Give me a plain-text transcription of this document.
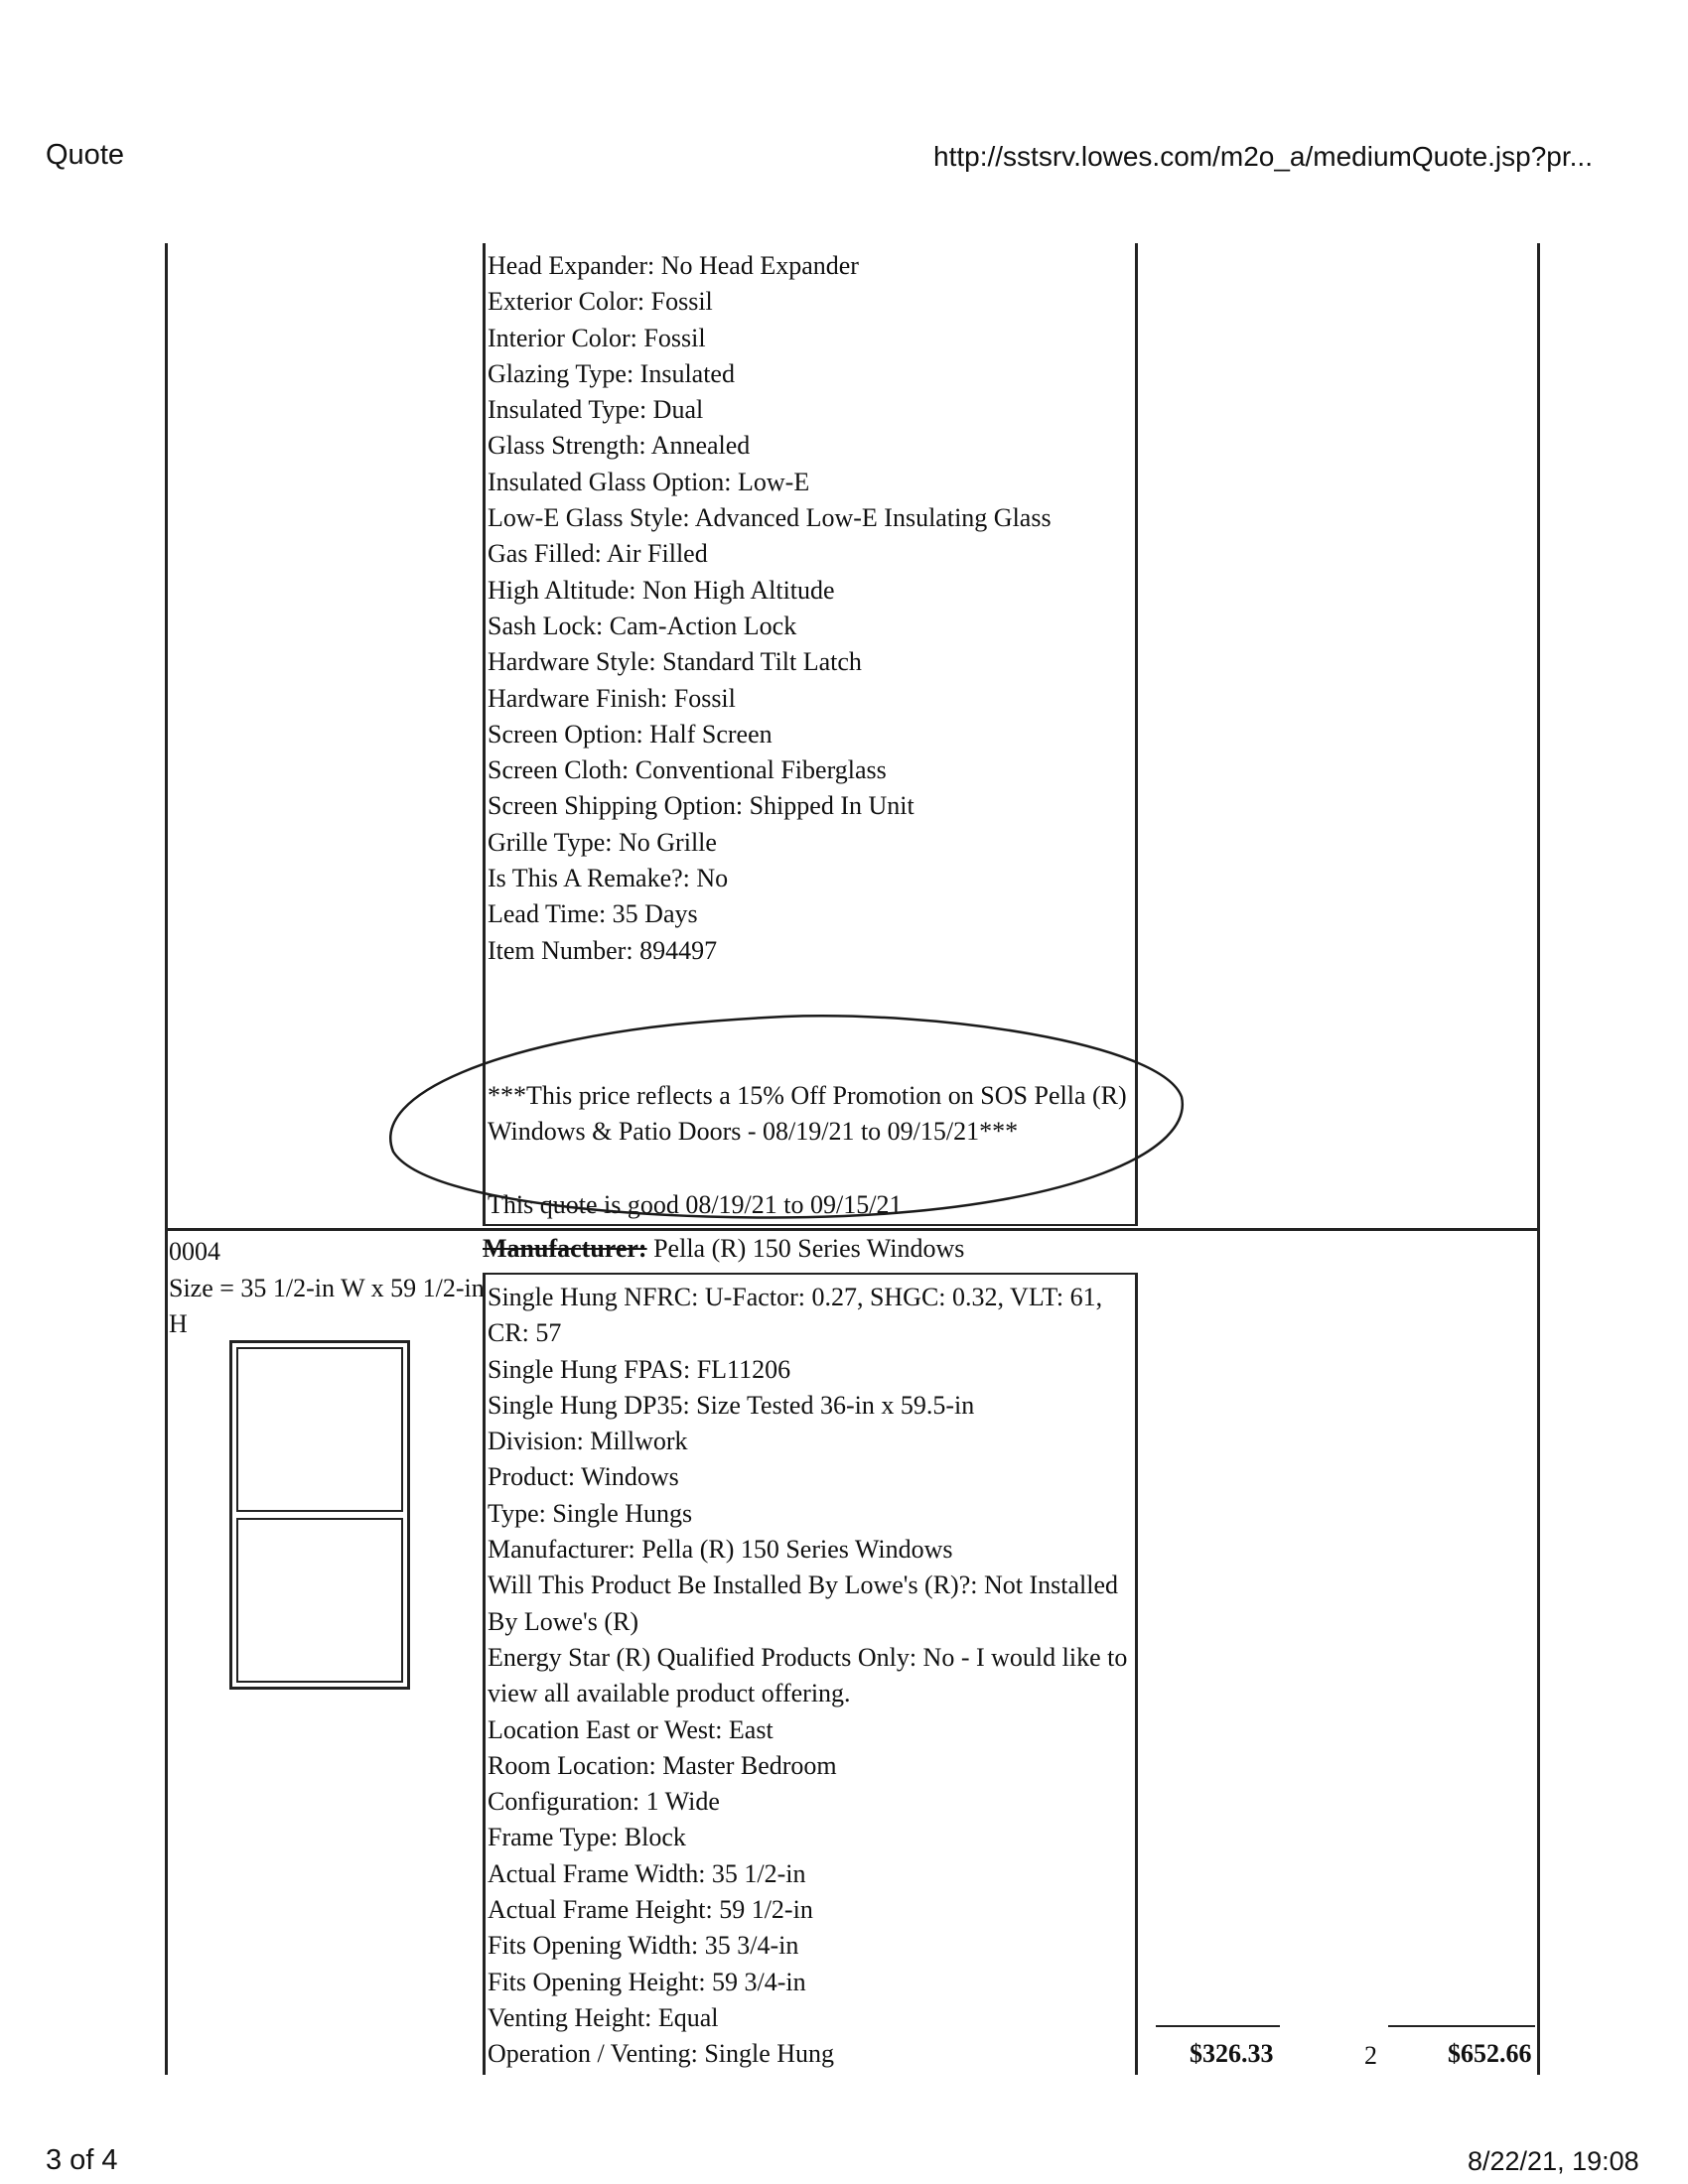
Quote	http://sstsrv.lowes.com/m2o_a/mediumQuote.jsp?pr...
Head Expander: No Head Expander
Exterior Color: Fossil
Interior Color: Fossil
Glazing Type: Insulated
Insulated Type: Dual
Glass Strength: Annealed
Insulated Glass Option: Low-E
Low-E Glass Style: Advanced Low-E Insulating Glass
Gas Filled: Air Filled
High Altitude: Non High Altitude
Sash Lock: Cam-Action Lock
Hardware Style: Standard Tilt Latch
Hardware Finish: Fossil
Screen Option: Half Screen
Screen Cloth: Conventional Fiberglass
Screen Shipping Option: Shipped In Unit
Grille Type: No Grille
Is This A Remake?: No
Lead Time: 35 Days
Item Number: 894497
***This price reflects a 15% Off Promotion on SOS Pella (R) Windows & Patio Doors - 08/19/21 to 09/15/21***
This quote is good 08/19/21 to 09/15/21
0004
Size = 35 1/2-in W x 59 1/2-in H
Manufacturer: Pella (R) 150 Series Windows
Single Hung NFRC: U-Factor: 0.27, SHGC: 0.32, VLT: 61, CR: 57
Single Hung FPAS: FL11206
Single Hung DP35: Size Tested 36-in x 59.5-in
Division: Millwork
Product: Windows
Type: Single Hungs
Manufacturer: Pella (R) 150 Series Windows
Will This Product Be Installed By Lowe's (R)?: Not Installed By Lowe's (R)
Energy Star (R) Qualified Products Only: No - I would like to view all available product offering.
Location East or West: East
Room Location: Master Bedroom
Configuration: 1 Wide
Frame Type: Block
Actual Frame Width: 35 1/2-in
Actual Frame Height: 59 1/2-in
Fits Opening Width: 35 3/4-in
Fits Opening Height: 59 3/4-in
Venting Height: Equal
Operation / Venting: Single Hung	$326.33	2	$652.66
3 of 4	8/22/21, 19:08
